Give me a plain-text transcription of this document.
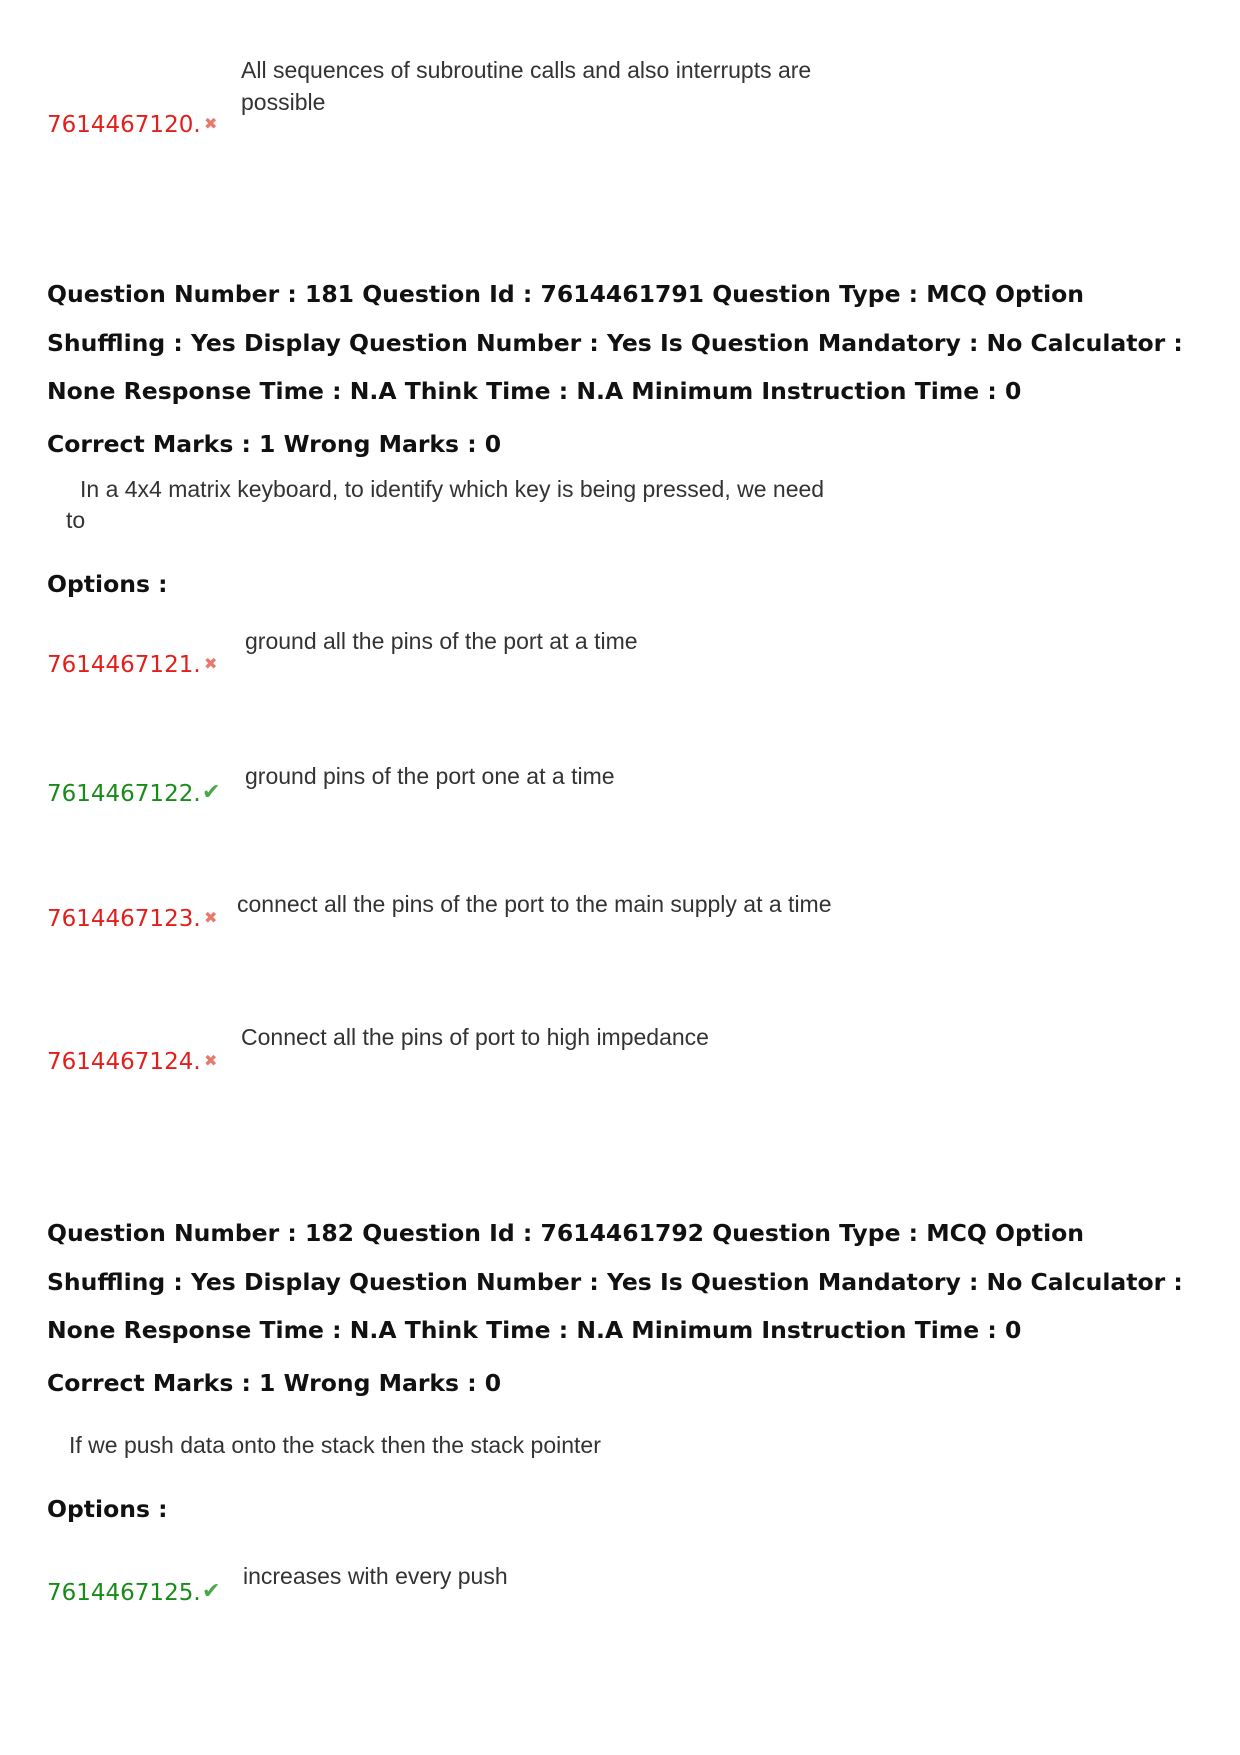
7614467120. ✖
All sequences of subroutine calls and also interrupts are possible
Question Number : 181 Question Id : 7614461791 Question Type : MCQ Option Shuffling : Yes Display Question Number : Yes Is Question Mandatory : No Calculator : None Response Time : N.A Think Time : N.A Minimum Instruction Time : 0
Correct Marks : 1 Wrong Marks : 0
In a 4x4 matrix keyboard, to identify which key is being pressed, we need to
Options :
7614467121. ✖
ground all the pins of the port at a time
7614467122. ✔
ground pins of the port one at a time
7614467123. ✖
connect all the pins of the port to the main supply at a time
7614467124. ✖
Connect all the pins of port to high impedance
Question Number : 182 Question Id : 7614461792 Question Type : MCQ Option Shuffling : Yes Display Question Number : Yes Is Question Mandatory : No Calculator : None Response Time : N.A Think Time : N.A Minimum Instruction Time : 0
Correct Marks : 1 Wrong Marks : 0
If we push data onto the stack then the stack pointer
Options :
7614467125. ✔
increases with every push
